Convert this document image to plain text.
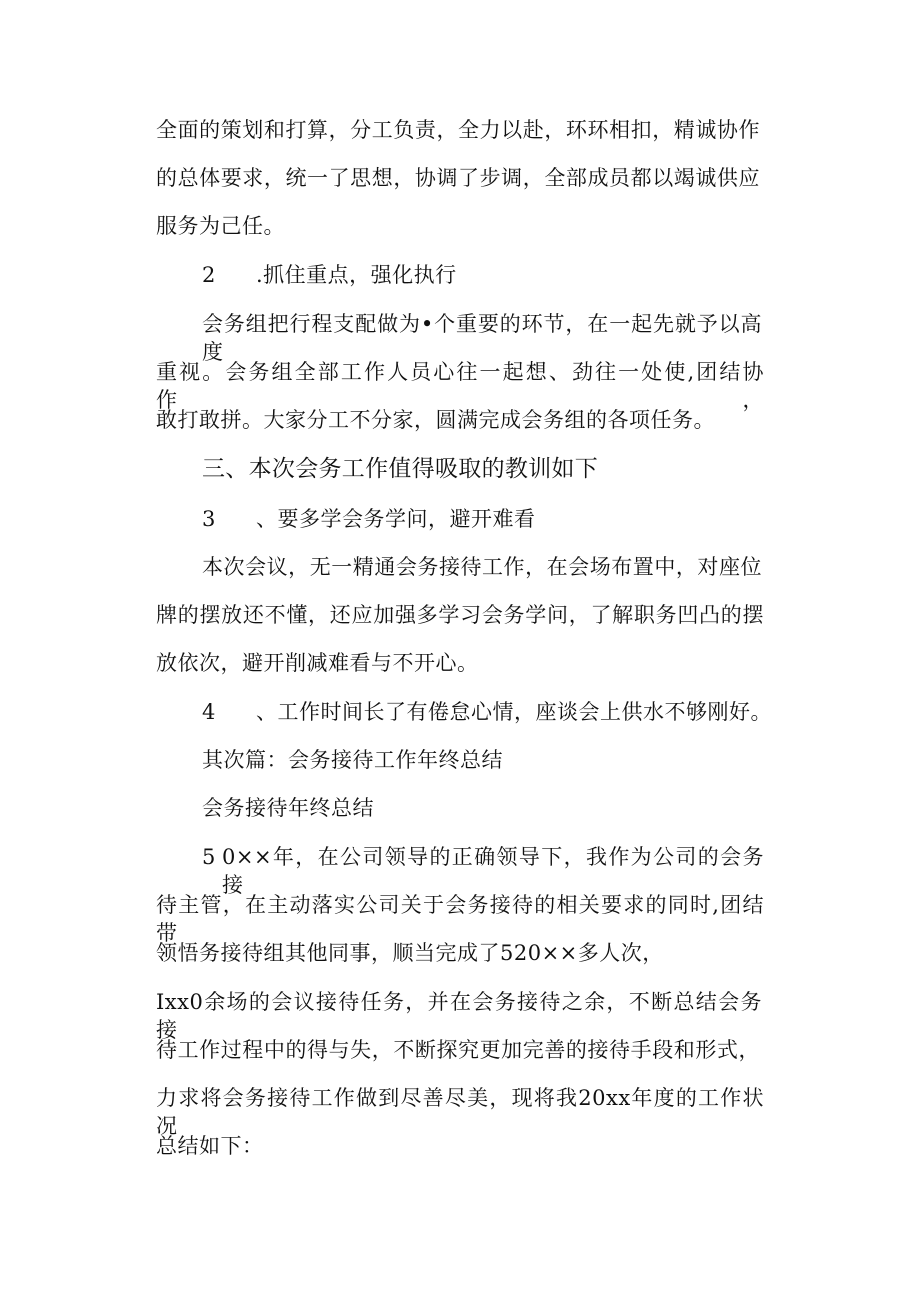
全面的策划和打算，分工负责，全力以赴，环环相扣，精诚协作
的总体要求，统一了思想，协调了步调，全部成员都以竭诚供应
服务为己任。
2 .抓住重点，强化执行
会务组把行程支配做为•个重要的环节，在一起先就予以高度
重视。会务组全部工作人员心往一起想、劲往一处使,团结协作，
敢打敢拼。大家分工不分家，圆满完成会务组的各项任务。
三、本次会务工作值得吸取的教训如下
3 、要多学会务学问，避开难看
本次会议，无一精通会务接待工作，在会场布置中，对座位
牌的摆放还不懂，还应加强多学习会务学问，了解职务凹凸的摆
放依次，避开削减难看与不开心。
4 、工作时间长了有倦怠心情，座谈会上供水不够刚好。
其次篇：会务接待工作年终总结
会务接待年终总结
5 0××年，在公司领导的正确领导下，我作为公司的会务接
待主管，在主动落实公司关于会务接待的相关要求的同时,团结带
领悟务接待组其他同事，顺当完成了520××多人次，
Ixx0余场的会议接待任务，并在会务接待之余，不断总结会务接
待工作过程中的得与失，不断探究更加完善的接待手段和形式，
力求将会务接待工作做到尽善尽美，现将我20xx年度的工作状况
总结如下：
